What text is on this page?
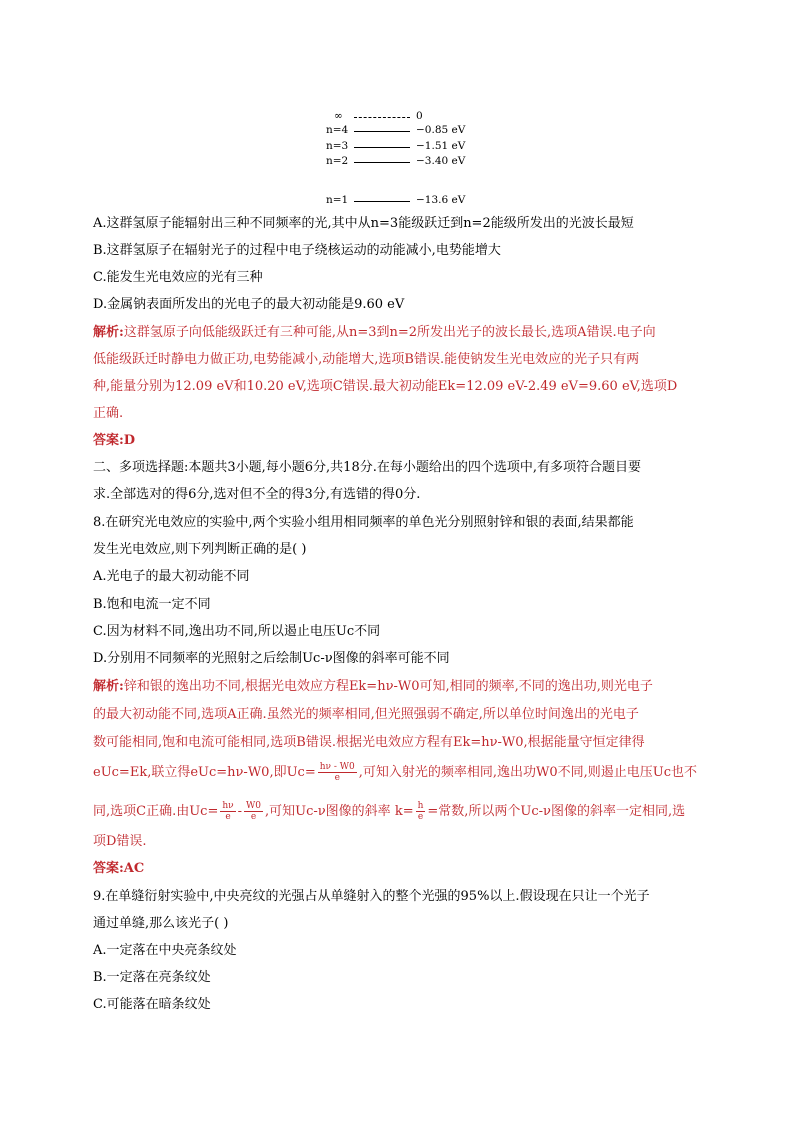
∞	0
n=4	−0.85 eV
n=3	−1.51 eV
n=2	−3.40 eV
n=1	−13.6 eV
A.这群氢原子能辐射出三种不同频率的光,其中从n=3能级跃迁到n=2能级所发出的光波长最短
B.这群氢原子在辐射光子的过程中电子绕核运动的动能减小,电势能增大
C.能发生光电效应的光有三种
D.金属钠表面所发出的光电子的最大初动能是9.60 eV
解析:这群氢原子向低能级跃迁有三种可能,从n=3到n=2所发出光子的波长最长,选项A错误.电子向
低能级跃迁时静电力做正功,电势能减小,动能增大,选项B错误.能使钠发生光电效应的光子只有两
种,能量分别为12.09 eV和10.20 eV,选项C错误.最大初动能Ek=12.09 eV-2.49 eV=9.60 eV,选项D
正确.
答案:D
二、多项选择题:本题共3小题,每小题6分,共18分.在每小题给出的四个选项中,有多项符合题目要
求.全部选对的得6分,选对但不全的得3分,有选错的得0分.
8.在研究光电效应的实验中,两个实验小组用相同频率的单色光分别照射锌和银的表面,结果都能
发生光电效应,则下列判断正确的是( )
A.光电子的最大初动能不同
B.饱和电流一定不同
C.因为材料不同,逸出功不同,所以遏止电压Uc不同
D.分别用不同频率的光照射之后绘制Uc-ν图像的斜率可能不同
解析:锌和银的逸出功不同,根据光电效应方程Ek=hν-W0可知,相同的频率,不同的逸出功,则光电子
的最大初动能不同,选项A正确.虽然光的频率相同,但光照强弱不确定,所以单位时间逸出的光电子
数可能相同,饱和电流可能相同,选项B错误.根据光电效应方程有Ek=hν-W0,根据能量守恒定律得
eUc=Ek,联立得eUc=hν-W0,即$Uc= \frac{h\nu - W0}{e}$ ,可知入射光的频率相同,逸出功W0不同,则遏止电压Uc也不
同,选项C正确.由$Uc= \frac{h\nu}{e} - \frac{W0}{e}$ ,可知Uc-ν图像的斜率 $k= \frac{h}{e}$ =常数,所以两个Uc-ν图像的斜率一定相同,选
项D错误.
答案:AC
9.在单缝衍射实验中,中央亮纹的光强占从单缝射入的整个光强的95%以上.假设现在只让一个光子
通过单缝,那么该光子( )
A.一定落在中央亮条纹处
B.一定落在亮条纹处
C.可能落在暗条纹处
